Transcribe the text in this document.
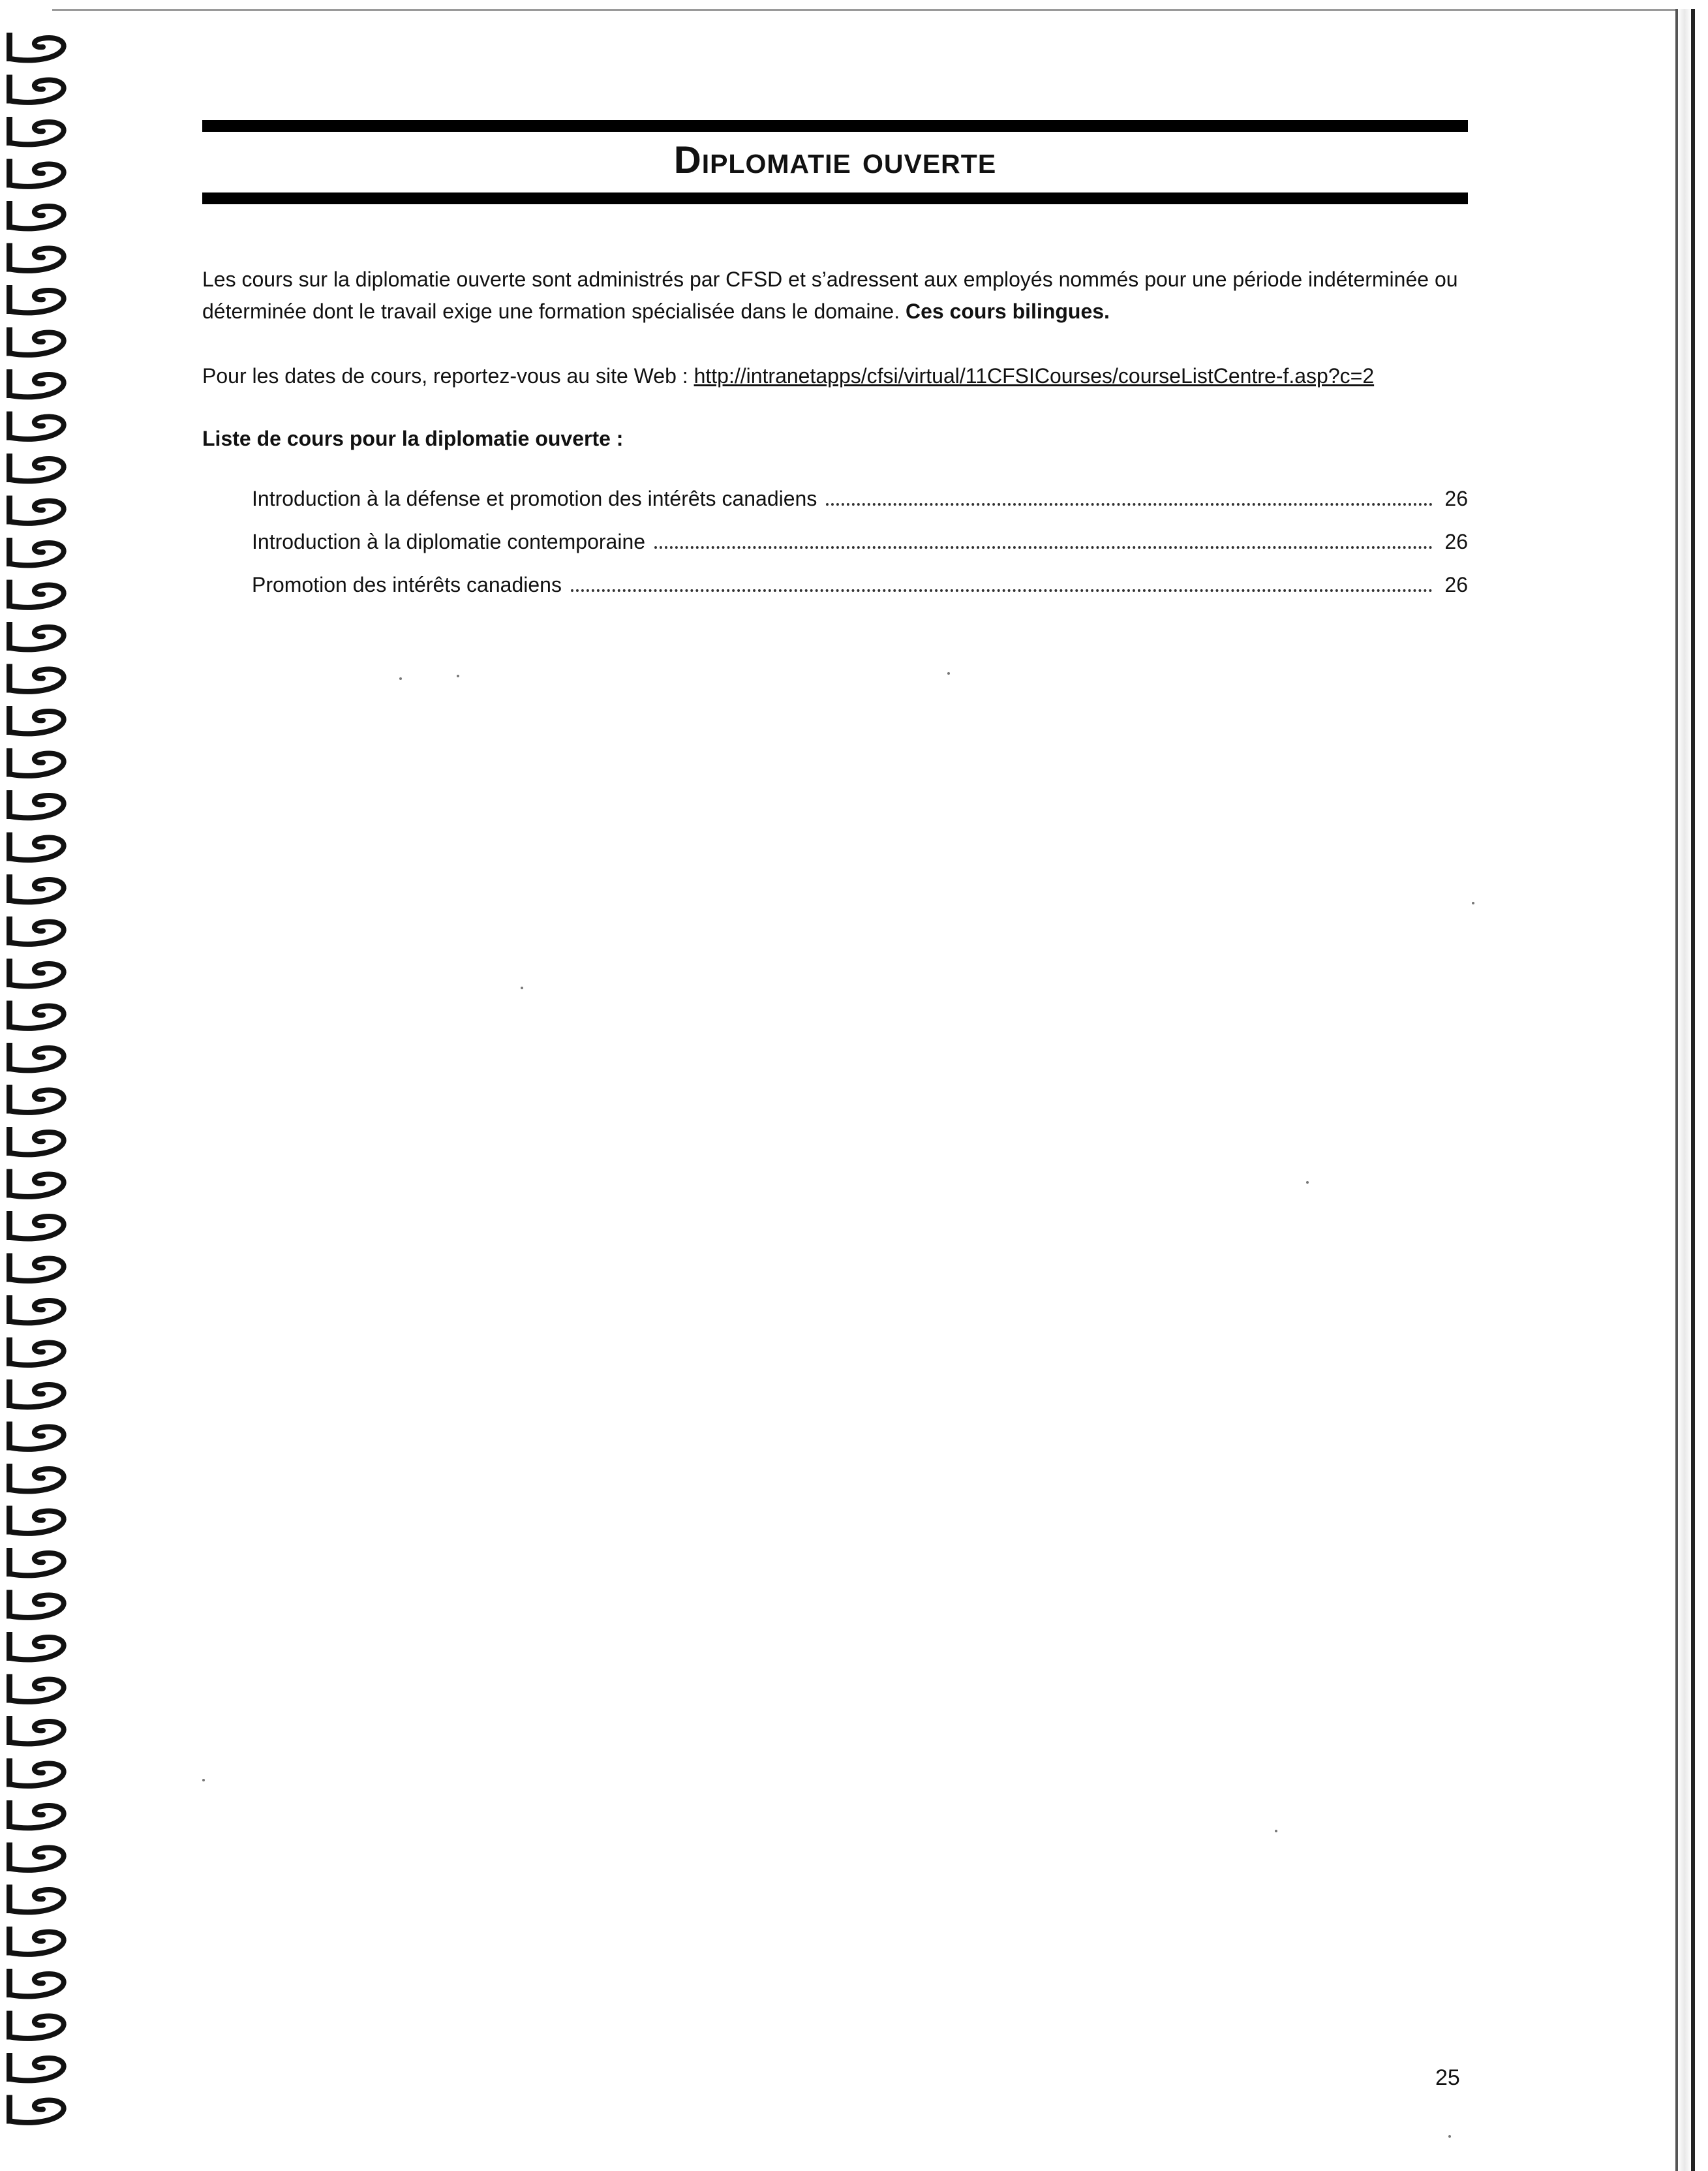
Diplomatie ouverte

Les cours sur la diplomatie ouverte sont administrés par CFSD et s’adressent aux employés nommés pour une période indéterminée ou déterminée dont le travail exige une formation spécialisée dans le domaine. Ces cours bilingues.

Pour les dates de cours, reportez-vous au site Web : http://intranetapps/cfsi/virtual/11CFSICourses/courseListCentre-f.asp?c=2

Liste de cours pour la diplomatie ouverte :

Introduction à la défense et promotion des intérêts canadiens	26
Introduction à la diplomatie contemporaine	26
Promotion des intérêts canadiens	26

25
